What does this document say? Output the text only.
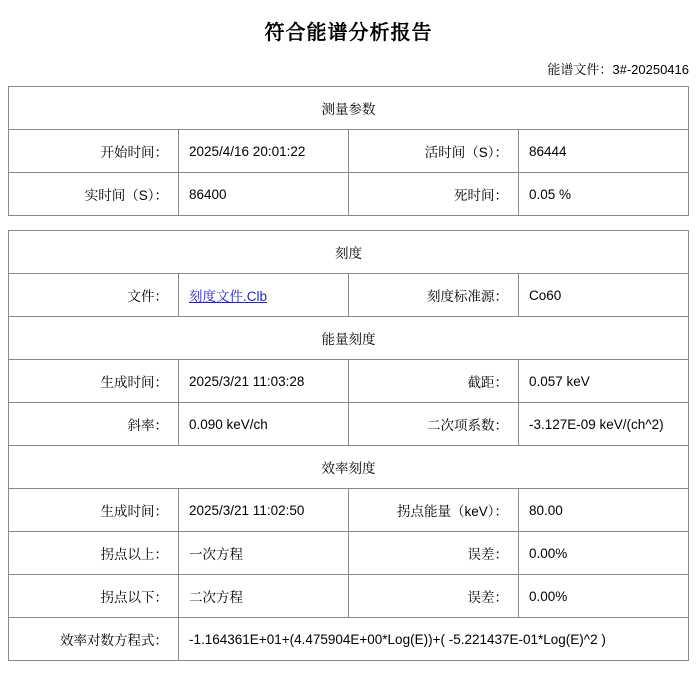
符合能谱分析报告
能谱文件：3#-20250416
测量参数			
开始时间：	2025/4/16 20:01:22	活时间（S）：	86444
实时间（S）：	86400	死时间：	0.05 %
刻度			
文件：	刻度文件.Clb	刻度标准源：	Co60
能量刻度			
生成时间：	2025/3/21 11:03:28	截距：	0.057 keV
斜率：	0.090 keV/ch	二次项系数：	-3.127E-09 keV/(ch^2)
效率刻度			
生成时间：	2025/3/21 11:02:50	拐点能量（keV）：	80.00
拐点以上：	一次方程	误差：	0.00%
拐点以下：	二次方程	误差：	0.00%
效率对数方程式：	-1.164361E+01+(4.475904E+00*Log(E))+( -5.221437E-01*Log(E)^2 )		
